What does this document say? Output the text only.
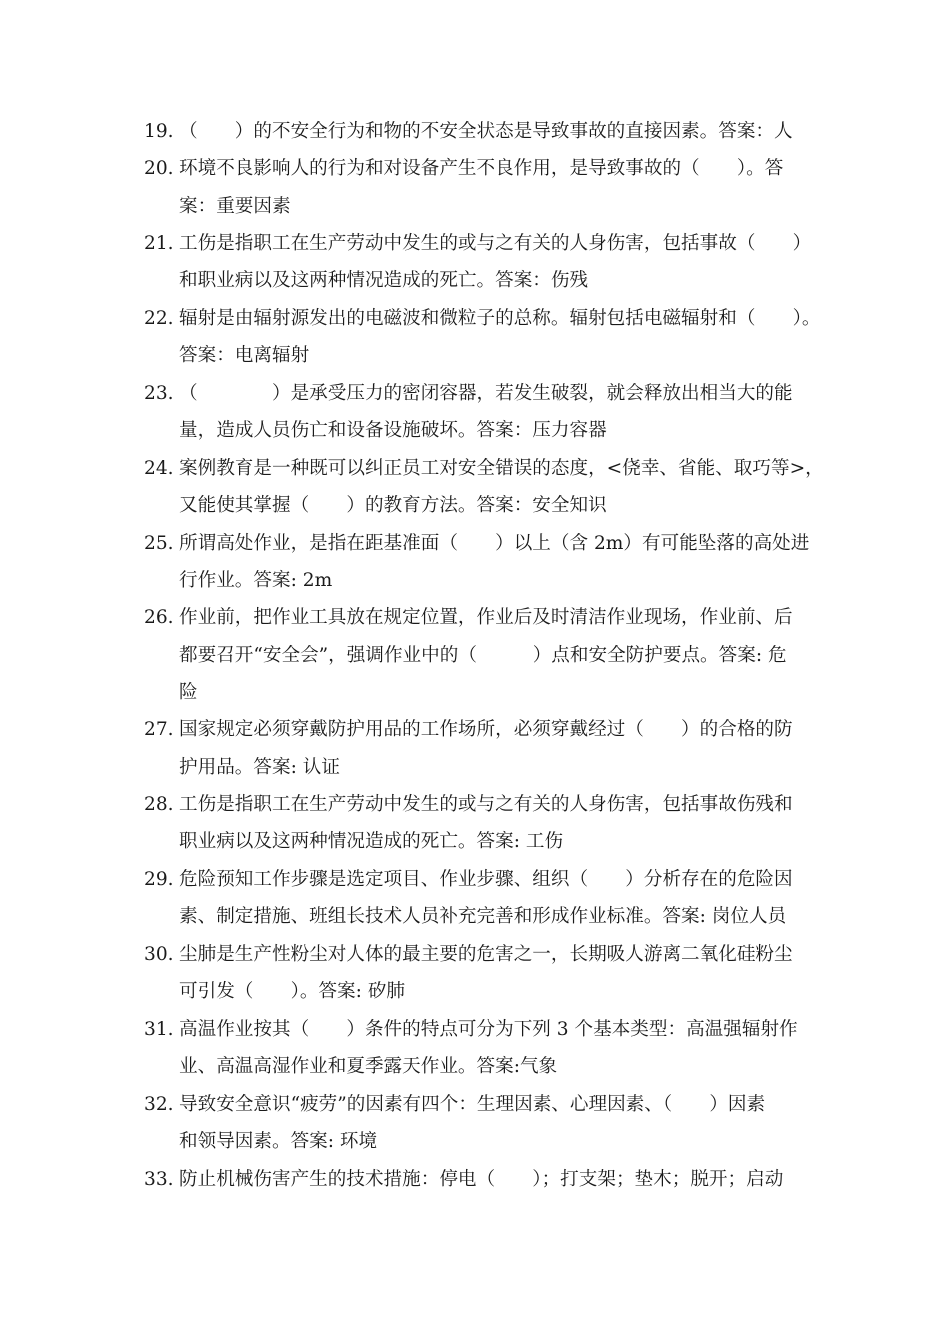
19. （　　）的不安全行为和物的不安全状态是导致事故的直接因素。答案：人
20. 环境不良影响人的行为和对设备产生不良作用，是导致事故的（　　）。答
案：重要因素
21. 工伤是指职工在生产劳动中发生的或与之有关的人身伤害，包括事故（　　）
和职业病以及这两种情况造成的死亡。答案：伤残
22. 辐射是由辐射源发出的电磁波和微粒子的总称。辐射包括电磁辐射和（　　）。
答案：电离辐射
23. （　　　　）是承受压力的密闭容器，若发生破裂，就会释放出相当大的能
量，造成人员伤亡和设备设施破坏。答案：压力容器
24. 案例教育是一种既可以纠正员工对安全错误的态度，<侥幸、省能、取巧等>，
又能使其掌握（　　）的教育方法。答案：安全知识
25. 所谓高处作业，是指在距基准面（　　）以上（含 2m）有可能坠落的高处进
行作业。答案: 2m
26. 作业前，把作业工具放在规定位置，作业后及时清洁作业现场，作业前、后
都要召开“安全会”，强调作业中的（　　　）点和安全防护要点。答案: 危
险
27. 国家规定必须穿戴防护用品的工作场所，必须穿戴经过（　　）的合格的防
护用品。答案: 认证
28. 工伤是指职工在生产劳动中发生的或与之有关的人身伤害，包括事故伤残和
职业病以及这两种情况造成的死亡。答案: 工伤
29. 危险预知工作步骤是选定项目、作业步骤、组织（　　）分析存在的危险因
素、制定措施、班组长技术人员补充完善和形成作业标准。答案: 岗位人员
30. 尘肺是生产性粉尘对人体的最主要的危害之一，长期吸人游离二氧化硅粉尘
可引发（　　）。答案: 矽肺
31. 高温作业按其（　　）条件的特点可分为下列 3 个基本类型：高温强辐射作
业、高温高湿作业和夏季露天作业。答案:气象
32. 导致安全意识“疲劳”的因素有四个：生理因素、心理因素、（　　）因素
和领导因素。答案: 环境
33. 防止机械伤害产生的技术措施：停电（　　）；打支架；垫木；脱开；启动
